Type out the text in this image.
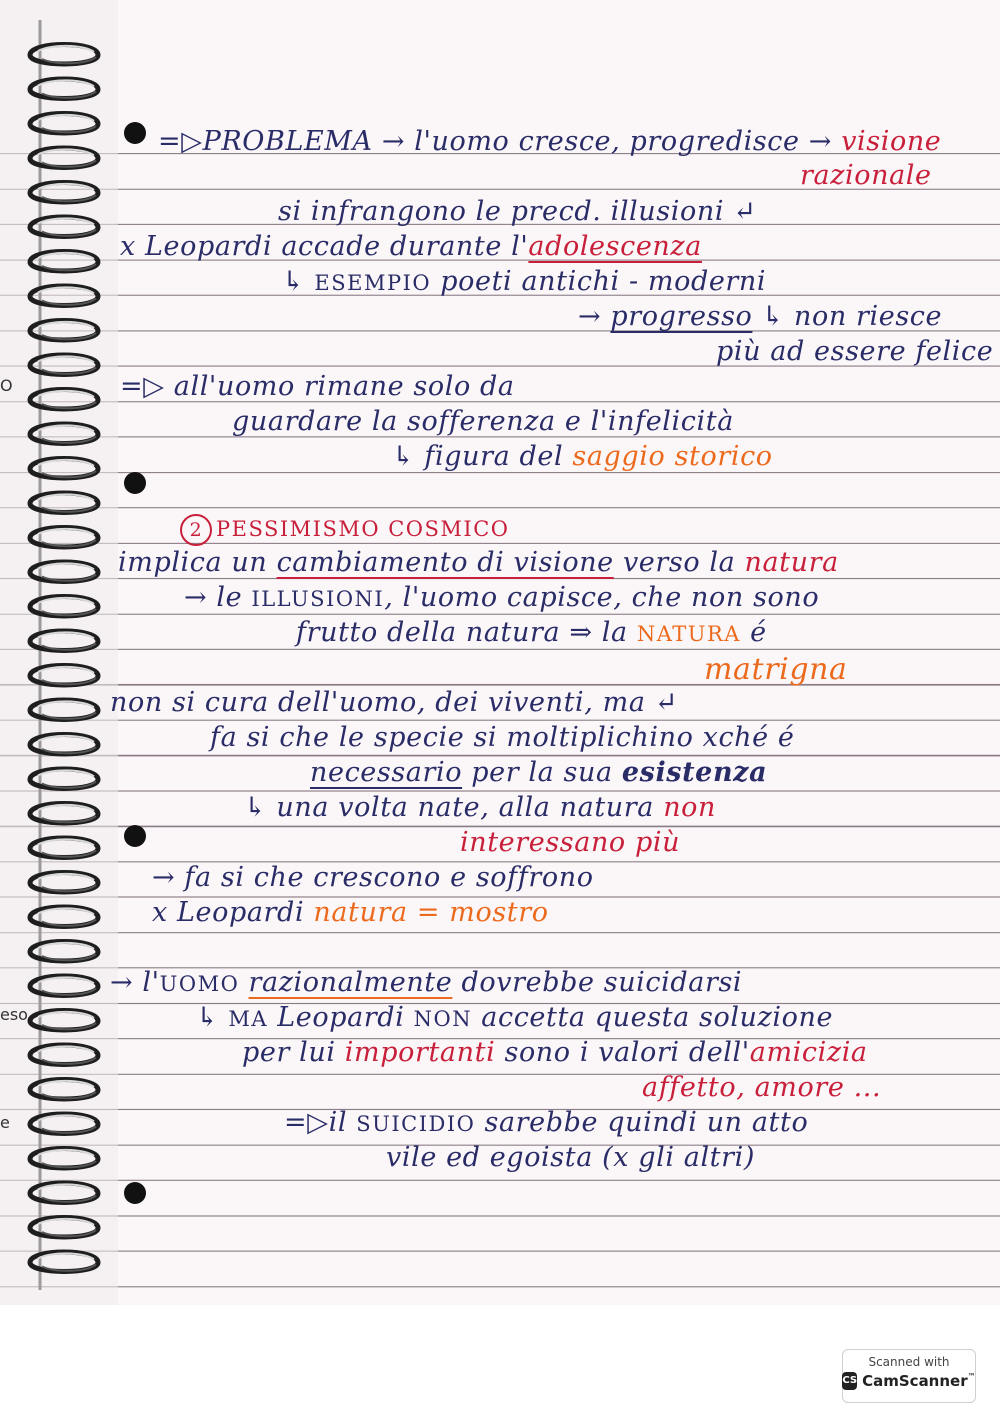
O
eso
e
=▷PROBLEMA → l'uomo cresce, progredisce → visione
razionale
si infrangono le precd. illusioni ↵
x Leopardi accade durante l'adolescenza
↳ ESEMPIO poeti antichi - moderni
→ progresso ↳ non riesce
più ad essere felice
=▷ all'uomo rimane solo da
guardare la sofferenza e l'infelicità
↳ figura del saggio storico
2 PESSIMISMO COSMICO
implica un cambiamento di visione verso la natura
→ le ILLUSIONI, l'uomo capisce, che non sono
frutto della natura ⇒ la NATURA é
matrigna
non si cura dell'uomo, dei viventi, ma ↵
fa si che le specie si moltiplichino xché é
necessario per la sua esistenza
↳ una volta nate, alla natura non
interessano più
→ fa si che crescono e soffrono
x Leopardi natura = mostro
→ l'UOMO razionalmente dovrebbe suicidarsi
↳ MA Leopardi NON accetta questa soluzione
per lui importanti sono i valori dell'amicizia
affetto, amore ...
=▷il SUICIDIO sarebbe quindi un atto
vile ed egoista (x gli altri)
Scanned with
CS CamScanner™
